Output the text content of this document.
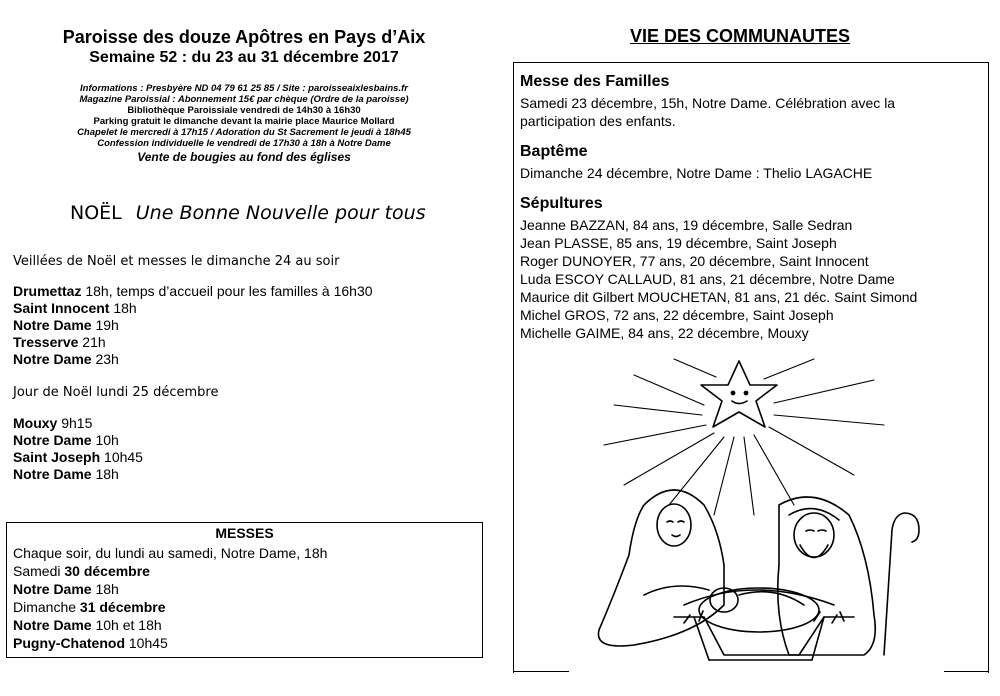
Paroisse des douze Apôtres en Pays d’Aix
Semaine 52 : du 23 au 31 décembre 2017
Informations : Presbyère ND 04 79 61 25 85 / Site : paroisseaixlesbains.fr
Magazine Paroissial : Abonnement 15€ par chèque (Ordre de la paroisse)
Bibliothèque Paroissiale vendredi de 14h30 à 16h30
Parking gratuit le dimanche devant la mairie place Maurice Mollard
Chapelet le mercredi à 17h15 / Adoration du St Sacrement le jeudi à 18h45
Confession individuelle le vendredi de 17h30 à 18h à Notre Dame
Vente de bougies au fond des églises
NOËL Une Bonne Nouvelle pour tous
Veillées de Noël et messes le dimanche 24 au soir
Drumettaz 18h, temps d’accueil pour les familles à 16h30
Saint Innocent 18h
Notre Dame 19h
Tresserve 21h
Notre Dame 23h
Jour de Noël lundi 25 décembre
Mouxy 9h15
Notre Dame 10h
Saint Joseph 10h45
Notre Dame 18h
MESSES
Chaque soir, du lundi au samedi, Notre Dame, 18h
Samedi 30 décembre
Notre Dame 18h
Dimanche 31 décembre
Notre Dame 10h et 18h
Pugny-Chatenod 10h45
VIE DES COMMUNAUTES
Messe des Familles
Samedi 23 décembre, 15h, Notre Dame. Célébration avec la
participation des enfants.
Baptême
Dimanche 24 décembre, Notre Dame : Thelio LAGACHE
Sépultures
Jeanne BAZZAN, 84 ans, 19 décembre, Salle Sedran
Jean PLASSE, 85 ans, 19 décembre, Saint Joseph
Roger DUNOYER, 77 ans, 20 décembre, Saint Innocent
Luda ESCOY CALLAUD, 81 ans, 21 décembre, Notre Dame
Maurice dit Gilbert MOUCHETAN, 81 ans, 21 déc. Saint Simond
Michel GROS, 72 ans, 22 décembre, Saint Joseph
Michelle GAIME, 84 ans, 22 décembre, Mouxy
